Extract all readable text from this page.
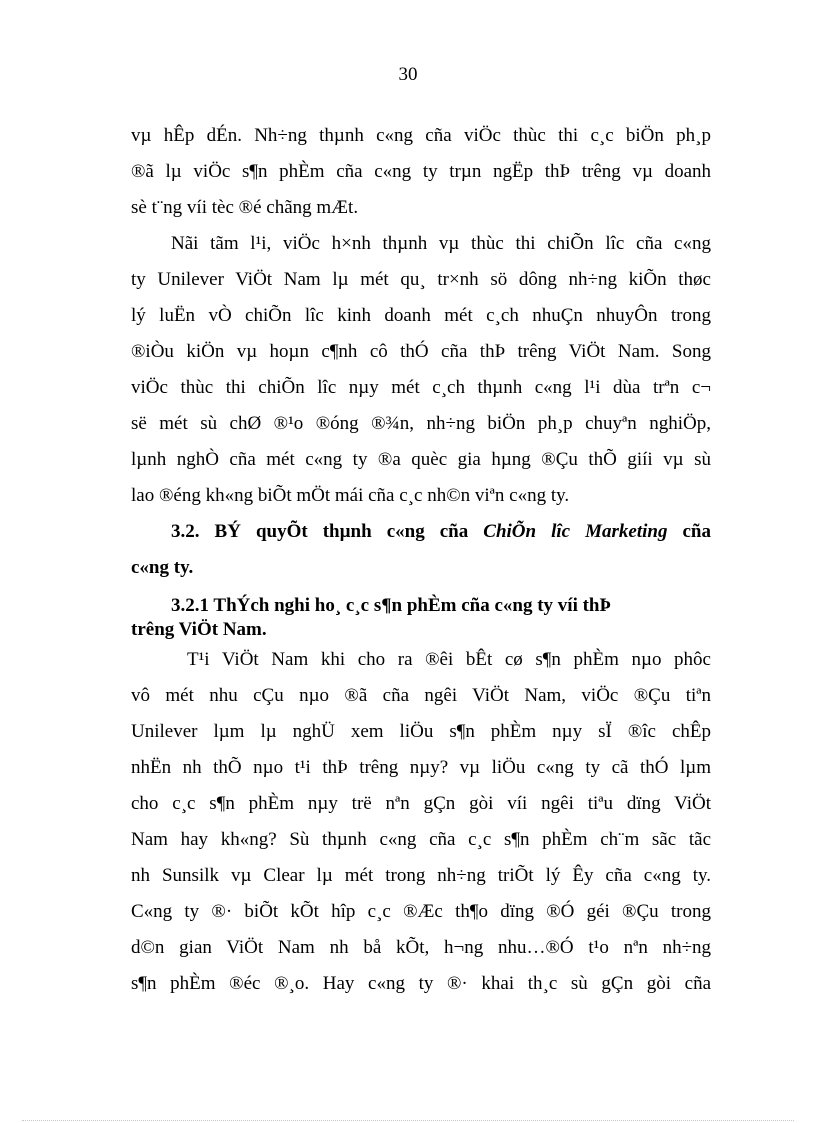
30
vµ hÊp dÉn. Nh÷ng thµnh c«ng cña viÖc thùc thi c¸c biÖn ph¸p
®ã lµ viÖc s¶n phÈm cña c«ng ty trµn ngËp thÞ trêng vµ doanh
sè t¨ng víi tèc ®é chãng mÆt.
Nãi tãm l¹i, viÖc h×nh thµnh vµ thùc thi chiÕn lîc cña c«ng
ty Unilever ViÖt Nam lµ mét qu¸ tr×nh sö dông nh÷ng kiÕn thøc
lý luËn vÒ chiÕn lîc kinh doanh mét c¸ch nhuÇn nhuyÔn trong
®iÒu kiÖn vµ hoµn c¶nh cô thÓ cña thÞ trêng ViÖt Nam. Song
viÖc thùc thi chiÕn lîc nµy mét c¸ch thµnh c«ng l¹i dùa trªn c¬
së mét sù chØ ®¹o ®óng ®¾n, nh÷ng biÖn ph¸p chuyªn nghiÖp,
lµnh nghÒ cña mét c«ng ty ®a quèc gia hµng ®Çu thÕ giíi vµ sù
lao ®éng kh«ng biÕt mÖt mái cña c¸c nh©n viªn c«ng ty.
3.2. BÝ quyÕt thµnh c«ng cña ChiÕn lîc Marketing cña
c«ng ty.
3.2.1 ThÝch nghi ho¸ c¸c s¶n phÈm cña c«ng ty víi thÞ
trêng ViÖt Nam.
T¹i ViÖt Nam khi cho ra ®êi bÊt cø s¶n phÈm nµo phôc
vô mét nhu cÇu nµo ®ã cña ngêi ViÖt Nam, viÖc ®Çu tiªn
Unilever lµm lµ nghÜ xem liÖu s¶n phÈm nµy sÏ ®îc chÊp
nhËn nh thÕ nµo t¹i thÞ trêng nµy? vµ liÖu c«ng ty cã thÓ lµm
cho c¸c s¶n phÈm nµy trë nªn gÇn gòi víi ngêi tiªu dïng ViÖt
Nam hay kh«ng? Sù thµnh c«ng cña c¸c s¶n phÈm ch¨m sãc tãc
nh Sunsilk vµ Clear lµ mét trong nh÷ng triÕt lý Êy cña c«ng ty.
C«ng ty ®· biÕt kÕt hîp c¸c ®Æc th¶o dïng ®Ó géi ®Çu trong
d©n gian ViÖt Nam nh bå kÕt, h¬ng nhu…®Ó t¹o nªn nh÷ng
s¶n phÈm ®éc ®¸o. Hay c«ng ty ®· khai th¸c sù gÇn gòi cña
